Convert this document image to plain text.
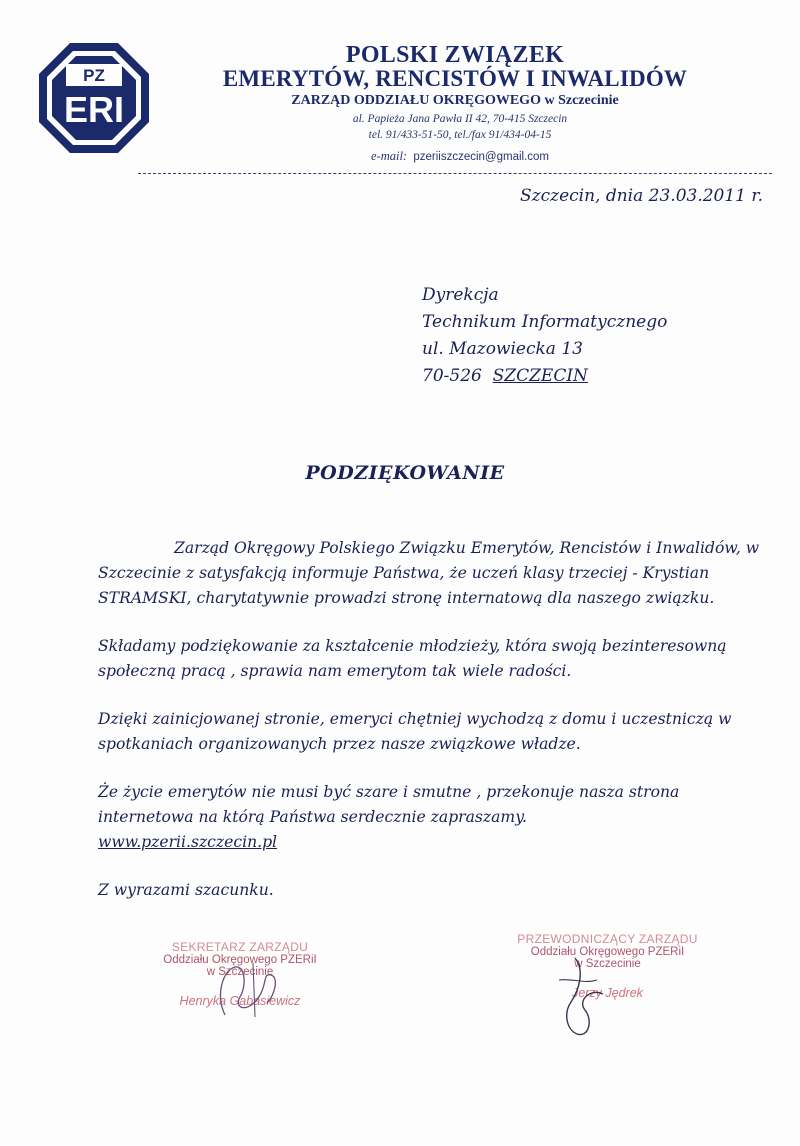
PZ
ERI
POLSKI ZWIĄZEK
EMERYTÓW, RENCISTÓW I INWALIDÓW
ZARZĄD ODDZIAŁU OKRĘGOWEGO w Szczecinie
al. Papieża Jana Pawła II 42, 70-415 Szczecin
tel. 91/433-51-50, tel./fax 91/434-04-15
e-mail: pzeriiszczecin@gmail.com
Szczecin, dnia 23.03.2011 r.
Dyrekcja
Technikum Informatycznego
ul. Mazowiecka 13
70-526 SZCZECIN
PODZIĘKOWANIE

Zarząd Okręgowy Polskiego Związku Emerytów, Rencistów i Inwalidów, w Szczecinie z satysfakcją informuje Państwa, że uczeń klasy trzeciej - Krystian STRAMSKI, charytatywnie prowadzi stronę internatową dla naszego związku.

Składamy podziękowanie za kształcenie młodzieży, która swoją bezinteresowną społeczną pracą , sprawia nam emerytom tak wiele radości.

Dzięki zainicjowanej stronie, emeryci chętniej wychodzą z domu i uczestniczą w spotkaniach organizowanych przez nasze związkowe władze.

Że życie emerytów nie musi być szare i smutne , przekonuje nasza strona internetowa na którą Państwa serdecznie zapraszamy.

www.pzerii.szczecin.pl
Z wyrazami szacunku.
SEKRETARZ ZARZĄDU
Oddziału Okręgowego PZERiI
w Szczecinie
Henryka Gabasiewicz
PRZEWODNICZĄCY ZARZĄDU
Oddziału Okręgowego PZERiI
w Szczecinie
Jerzy Jędrek
